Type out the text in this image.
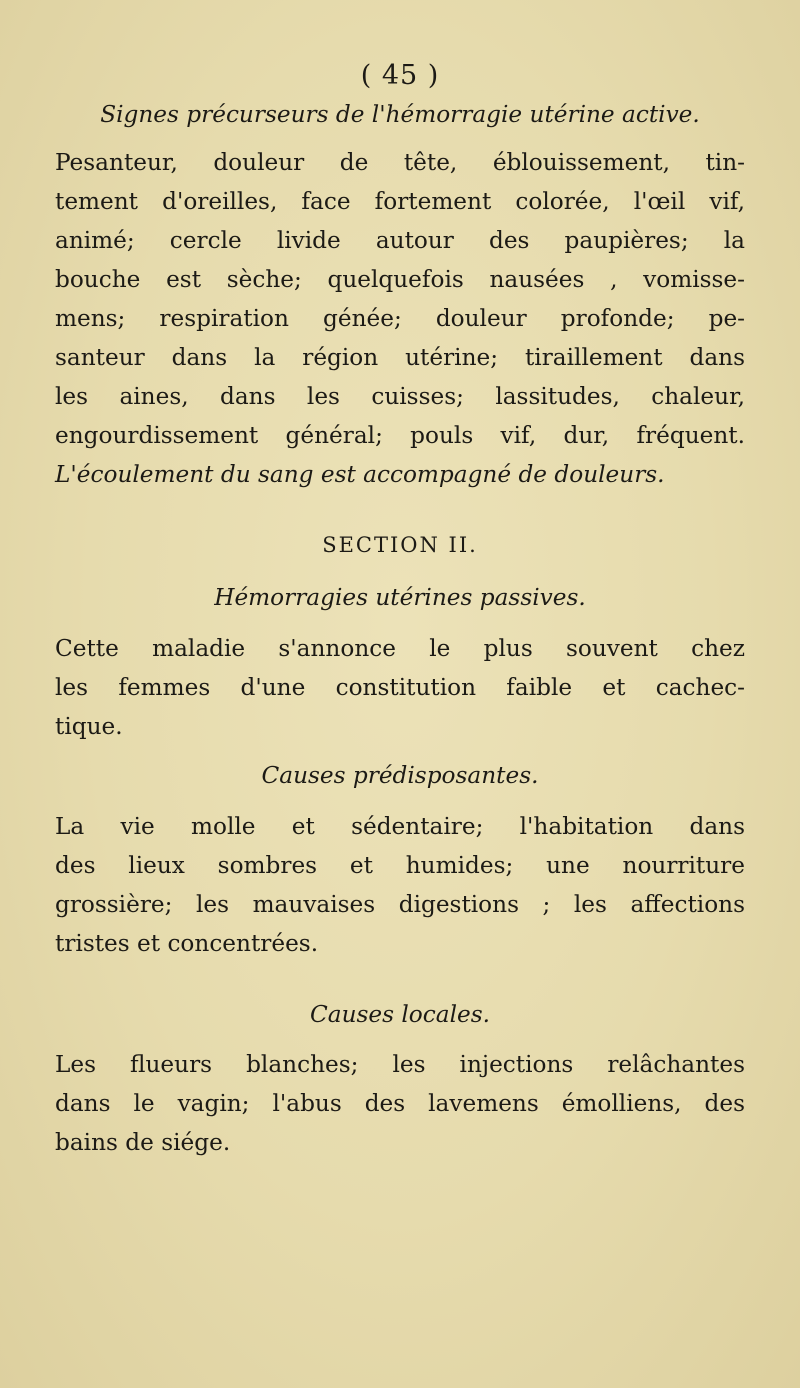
( 45 )
Signes précurseurs de l'hémorragie utérine active.
Pesanteur, douleur de tête, éblouissement, tin-
tement d'oreilles, face fortement colorée, l'œil vif,
animé; cercle livide autour des paupières; la
bouche est sèche; quelquefois nausées , vomisse-
mens; respiration génée; douleur profonde; pe-
santeur dans la région utérine; tiraillement dans
les aines, dans les cuisses; lassitudes, chaleur,
engourdissement général; pouls vif, dur, fréquent.
L'écoulement du sang est accompagné de douleurs.
SECTION II.
Hémorragies utérines passives.
Cette maladie s'annonce le plus souvent chez
les femmes d'une constitution faible et cachec-
tique.
Causes prédisposantes.
La vie molle et sédentaire; l'habitation dans
des lieux sombres et humides; une nourriture
grossière; les mauvaises digestions ; les affections
tristes et concentrées.
Causes locales.
Les flueurs blanches; les injections relâchantes
dans le vagin; l'abus des lavemens émolliens, des
bains de siége.
